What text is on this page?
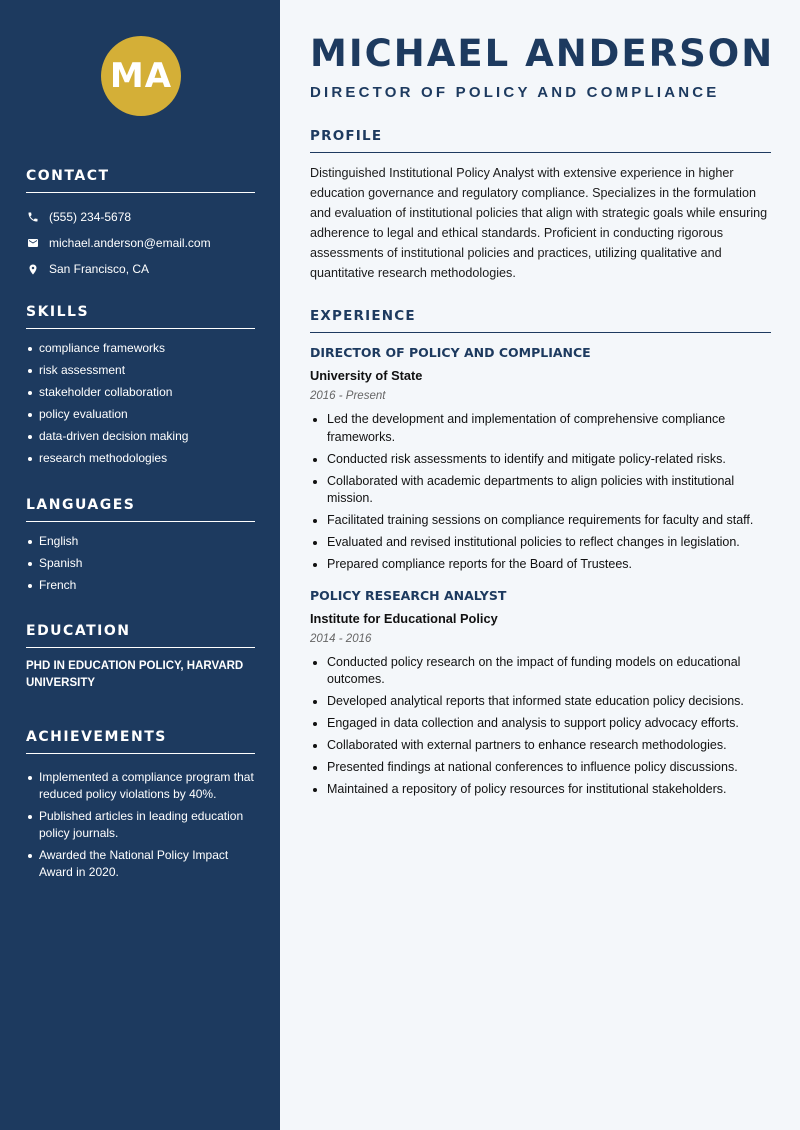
MA
CONTACT
(555) 234-5678
michael.anderson@email.com
San Francisco, CA
SKILLS
compliance frameworks
risk assessment
stakeholder collaboration
policy evaluation
data-driven decision making
research methodologies
LANGUAGES
English
Spanish
French
EDUCATION

PHD IN EDUCATION POLICY, HARVARD UNIVERSITY

ACHIEVEMENTS
Implemented a compliance program that reduced policy violations by 40%.
Published articles in leading education policy journals.
Awarded the National Policy Impact Award in 2020.
MICHAEL ANDERSON
DIRECTOR OF POLICY AND COMPLIANCE
PROFILE

Distinguished Institutional Policy Analyst with extensive experience in higher education governance and regulatory compliance. Specializes in the formulation and evaluation of institutional policies that align with strategic goals while ensuring adherence to legal and ethical standards. Proficient in conducting rigorous assessments of institutional policies and practices, utilizing qualitative and quantitative research methodologies.

EXPERIENCE
DIRECTOR OF POLICY AND COMPLIANCE
University of State
2016 - Present
Led the development and implementation of comprehensive compliance frameworks.
Conducted risk assessments to identify and mitigate policy-related risks.
Collaborated with academic departments to align policies with institutional mission.
Facilitated training sessions on compliance requirements for faculty and staff.
Evaluated and revised institutional policies to reflect changes in legislation.
Prepared compliance reports for the Board of Trustees.
POLICY RESEARCH ANALYST
Institute for Educational Policy
2014 - 2016
Conducted policy research on the impact of funding models on educational outcomes.
Developed analytical reports that informed state education policy decisions.
Engaged in data collection and analysis to support policy advocacy efforts.
Collaborated with external partners to enhance research methodologies.
Presented findings at national conferences to influence policy discussions.
Maintained a repository of policy resources for institutional stakeholders.
